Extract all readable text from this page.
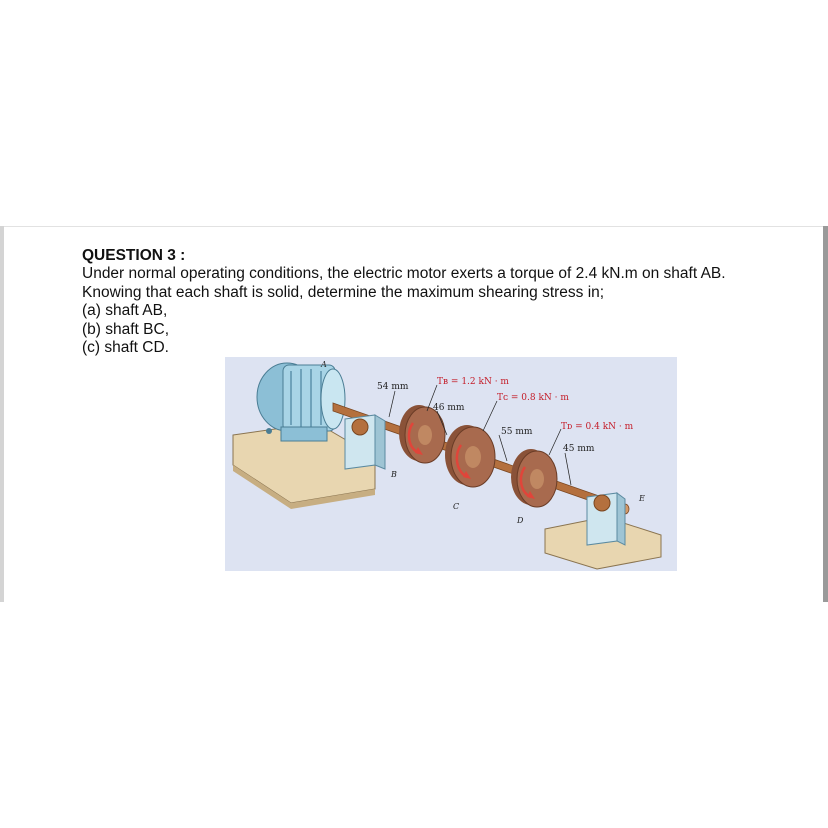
QUESTION 3 :

Under normal operating conditions, the electric motor exerts a torque of 2.4 kN.m on shaft AB.

Knowing that each shaft is solid, determine the maximum shearing stress in;

(a) shaft AB,

(b) shaft BC,

(c) shaft CD.

A
B
C
D
E
54 mm
46 mm
55 mm
45 mm
Tʙ = 1.2 kN · m
Tᴄ = 0.8 kN · m
Tᴅ = 0.4 kN · m
